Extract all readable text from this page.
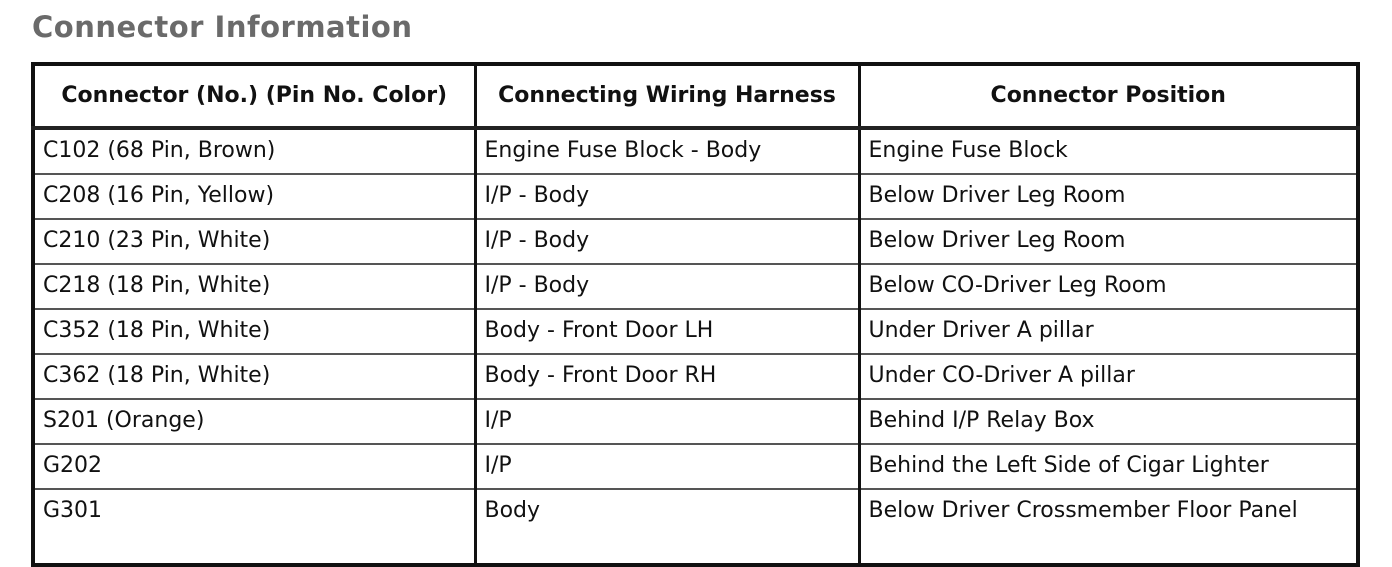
Connector Information
Connector (No.) (Pin No. Color)	Connecting Wiring Harness	Connector Position
C102 (68 Pin, Brown)	Engine Fuse Block - Body	Engine Fuse Block
C208 (16 Pin, Yellow)	I/P - Body	Below Driver Leg Room
C210 (23 Pin, White)	I/P - Body	Below Driver Leg Room
C218 (18 Pin, White)	I/P - Body	Below CO-Driver Leg Room
C352 (18 Pin, White)	Body - Front Door LH	Under Driver A pillar
C362 (18 Pin, White)	Body - Front Door RH	Under CO-Driver A pillar
S201 (Orange)	I/P	Behind I/P Relay Box
G202	I/P	Behind the Left Side of Cigar Lighter
G301	Body	Below Driver Crossmember Floor Panel
